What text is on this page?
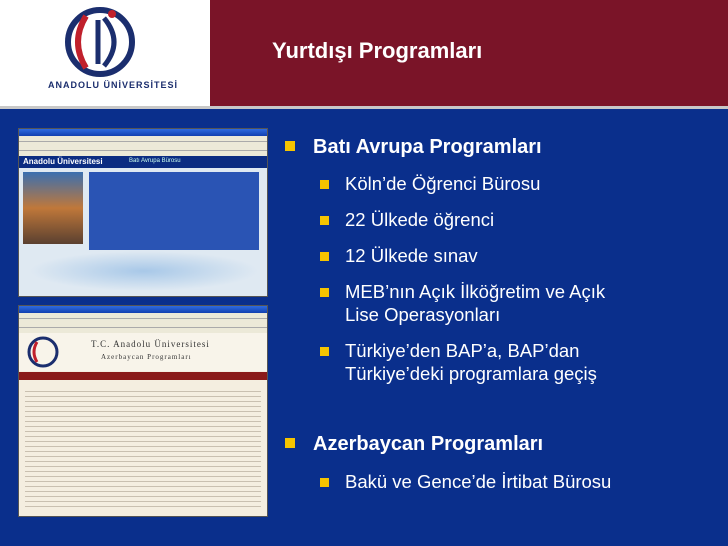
ANADOLU ÜNİVERSİTESİ
Yurtdışı Programları
Anadolu Üniversitesi	Batı Avrupa Bürosu
T.C. Anadolu Üniversitesi
Azerbaycan Programları
Batı Avrupa Programları
Köln’de Öğrenci Bürosu
22 Ülkede öğrenci
12 Ülkede sınav
MEB’nın Açık İlköğretim ve Açık
Lise Operasyonları
Türkiye’den BAP’a, BAP’dan
Türkiye’deki programlara geçiş
Azerbaycan Programları
Bakü ve Gence’de İrtibat Bürosu
